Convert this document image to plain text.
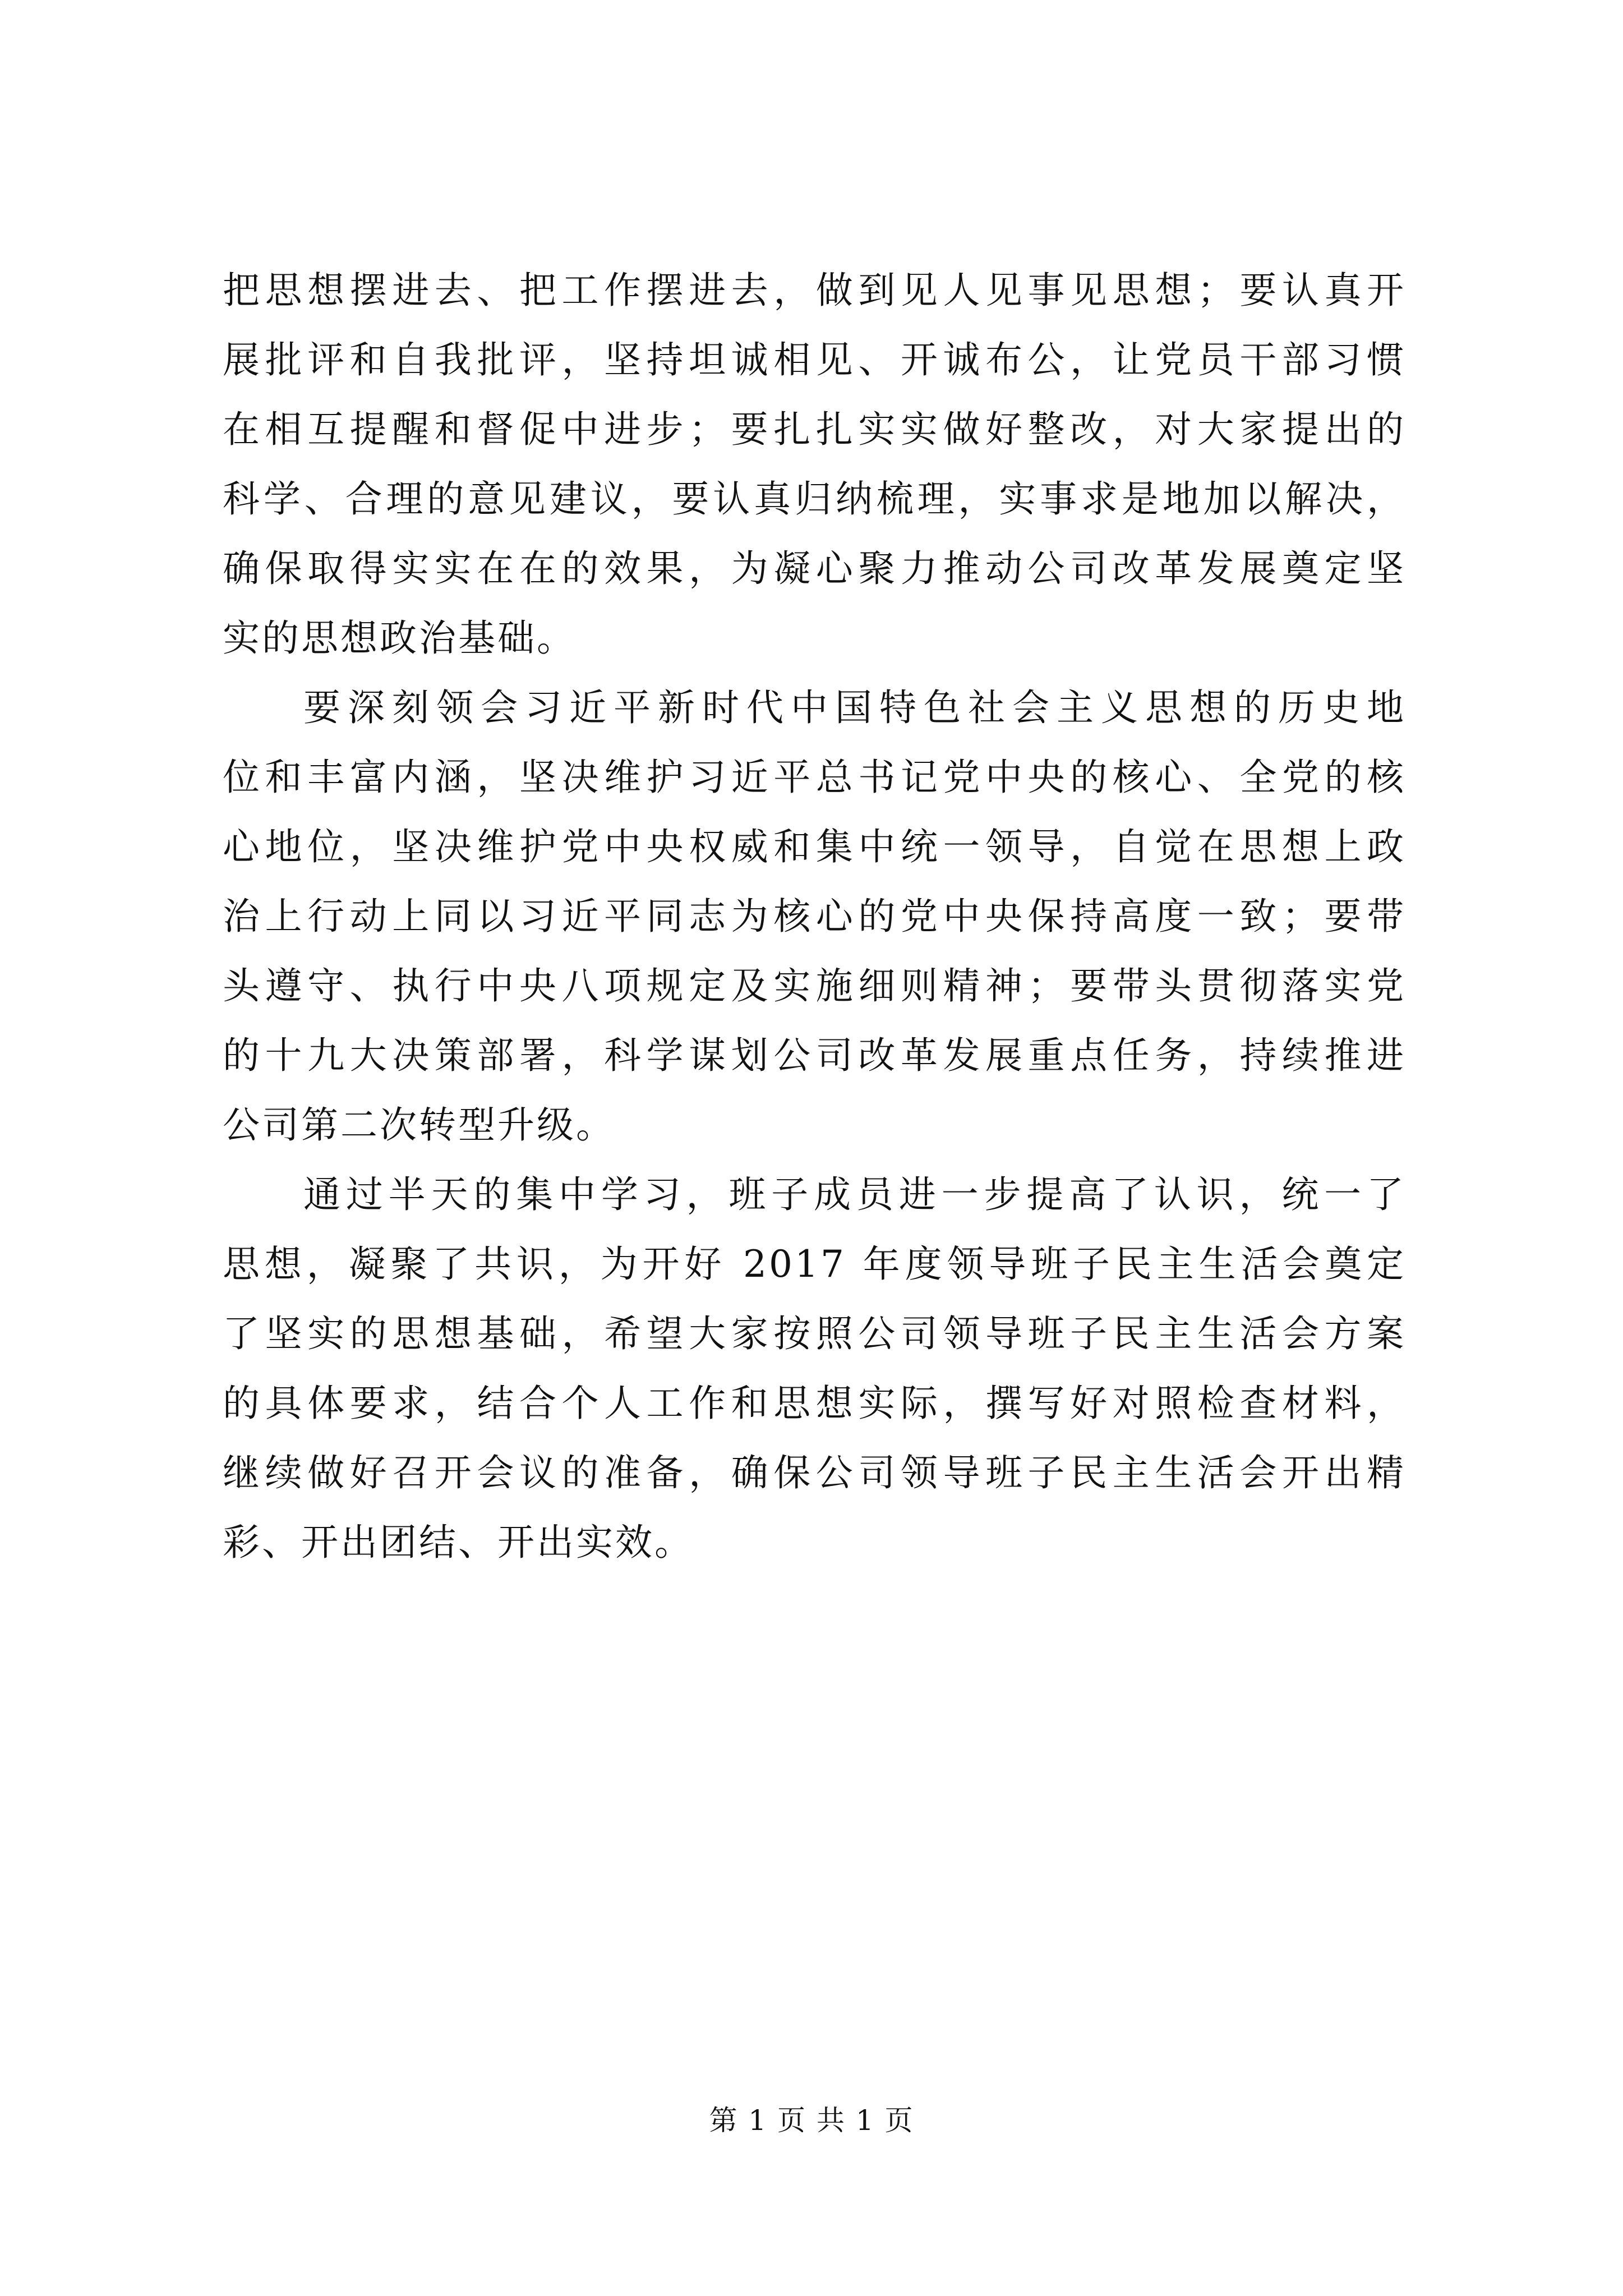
把思想摆进去、把工作摆进去，做到见人见事见思想；要认真开
展批评和自我批评，坚持坦诚相见、开诚布公，让党员干部习惯
在相互提醒和督促中进步；要扎扎实实做好整改，对大家提出的
科学、合理的意见建议，要认真归纳梳理，实事求是地加以解决，
确保取得实实在在的效果，为凝心聚力推动公司改革发展奠定坚
实的思想政治基础。
要深刻领会习近平新时代中国特色社会主义思想的历史地
位和丰富内涵，坚决维护习近平总书记党中央的核心、全党的核
心地位，坚决维护党中央权威和集中统一领导，自觉在思想上政
治上行动上同以习近平同志为核心的党中央保持高度一致；要带
头遵守、执行中央八项规定及实施细则精神；要带头贯彻落实党
的十九大决策部署，科学谋划公司改革发展重点任务，持续推进
公司第二次转型升级。
通过半天的集中学习，班子成员进一步提高了认识，统一了
思想，凝聚了共识，为开好 2017 年度领导班子民主生活会奠定
了坚实的思想基础，希望大家按照公司领导班子民主生活会方案
的具体要求，结合个人工作和思想实际，撰写好对照检查材料，
继续做好召开会议的准备，确保公司领导班子民主生活会开出精
彩、开出团结、开出实效。
第 1 页 共 1 页
